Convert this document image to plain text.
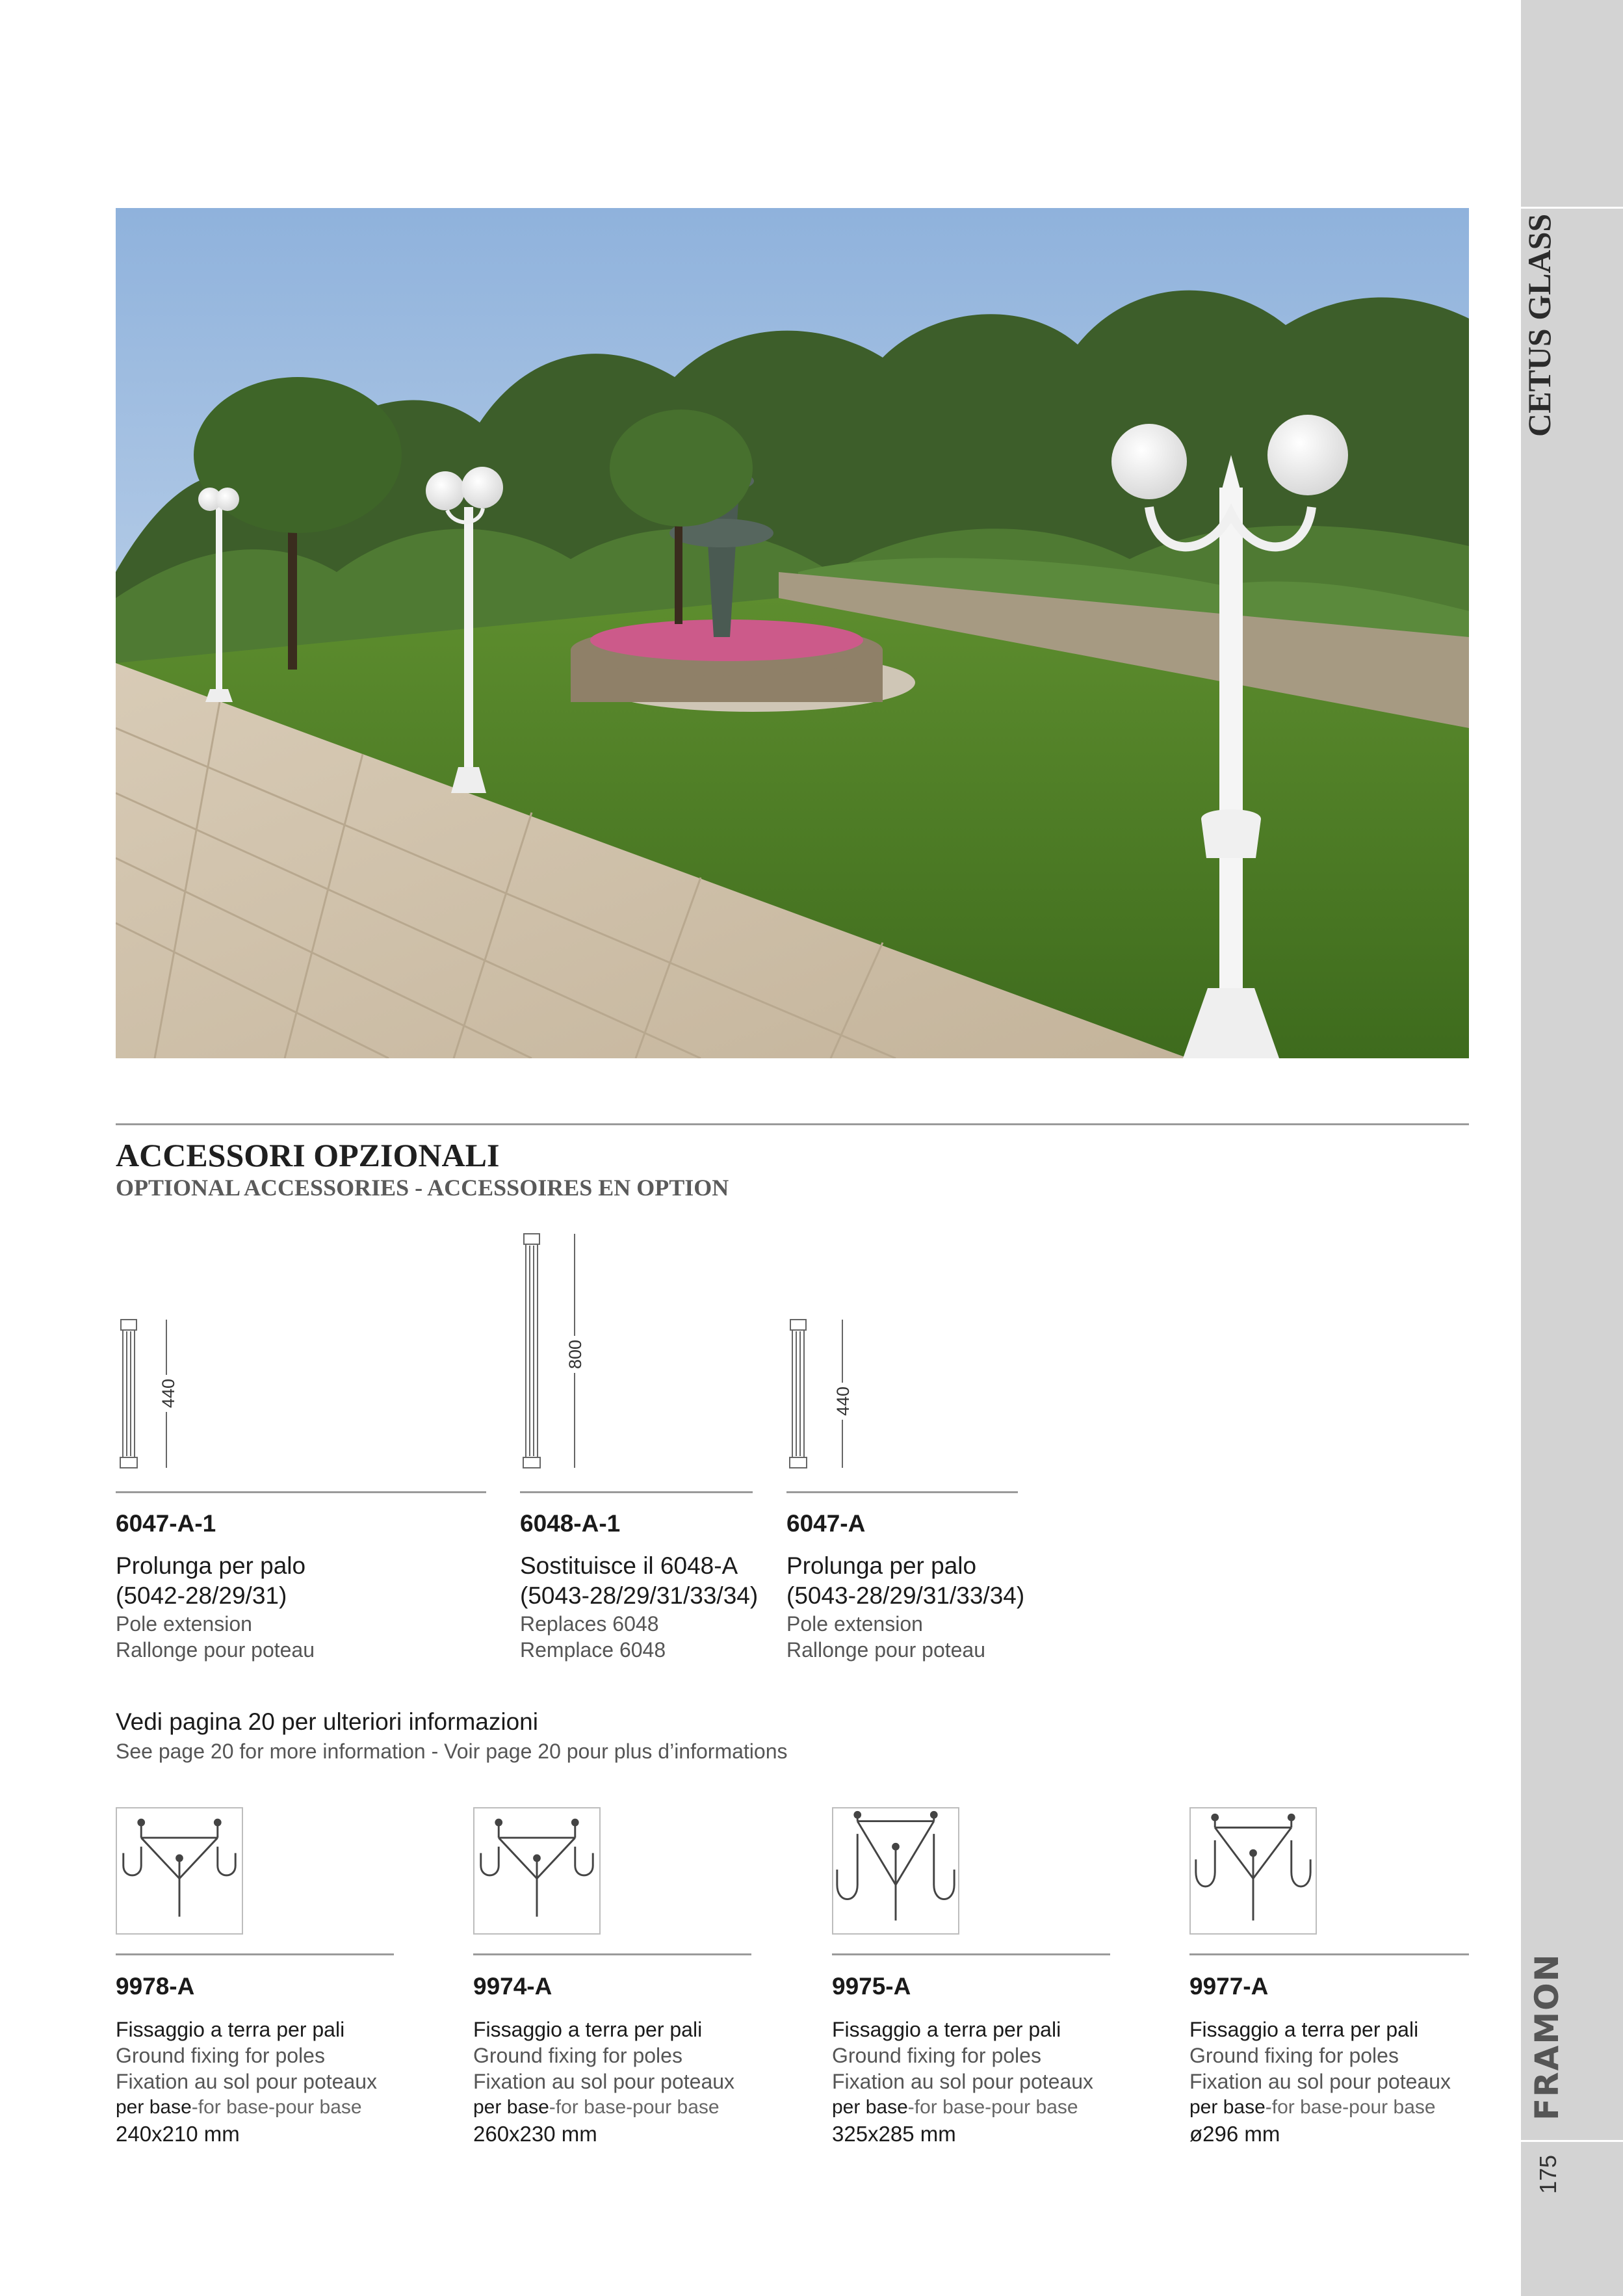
FRAMON
175
ACCESSORI OPZIONALI
OPTIONAL ACCESSORIES - ACCESSOIRES EN OPTION
440
800
440
6047-A-1
Prolunga per palo
(5042-28/29/31)
Pole extension
Rallonge pour poteau
6048-A-1
Sostituisce il 6048-A
(5043-28/29/31/33/34)
Replaces 6048
Remplace 6048
6047-A
Prolunga per palo
(5043-28/29/31/33/34)
Pole extension
Rallonge pour poteau
Vedi pagina 20 per ulteriori informazioni
See page 20 for more information - Voir page 20 pour plus d’informations
9978-A
Fissaggio a terra per pali
Ground fixing for poles
Fixation au sol pour poteaux
per base-for base-pour base
240x210 mm
9974-A
Fissaggio a terra per pali
Ground fixing for poles
Fixation au sol pour poteaux
per base-for base-pour base
260x230 mm
9975-A
Fissaggio a terra per pali
Ground fixing for poles
Fixation au sol pour poteaux
per base-for base-pour base
325x285 mm
9977-A
Fissaggio a terra per pali
Ground fixing for poles
Fixation au sol pour poteaux
per base-for base-pour base
ø296 mm
